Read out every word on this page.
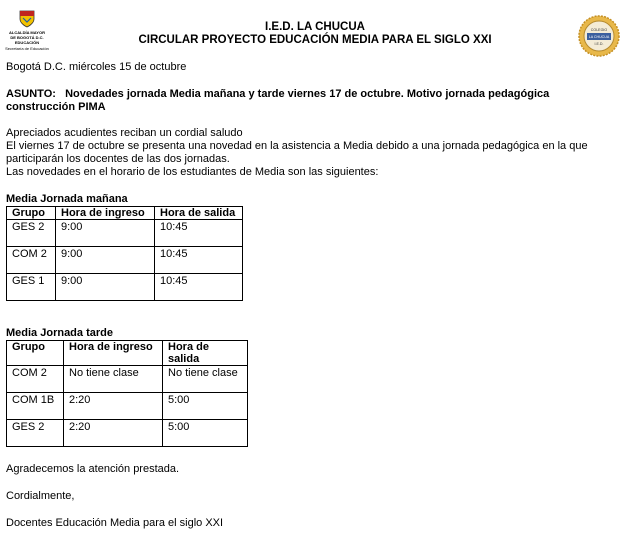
ALCALDÍA MAYOR
DE BOGOTÁ D.C.
EDUCACIÓN
Secretaría de Educación
COLEGIO
LA CHUCUA
I.E.D.
I.E.D. LA CHUCUA
CIRCULAR PROYECTO EDUCACIÓN MEDIA PARA EL SIGLO XXI
Bogotá D.C. miércoles 15 de octubre
ASUNTO: Novedades jornada Media mañana y tarde viernes 17 de octubre. Motivo jornada pedagógica
construcción PIMA
Apreciados acudientes reciban un cordial saludo
El viernes 17 de octubre se presenta una novedad en la asistencia a Media debido a una jornada pedagógica en la que
participarán los docentes de las dos jornadas.
Las novedades en el horario de los estudiantes de Media son las siguientes:
Media Jornada mañana
Grupo	Hora de ingreso	Hora de salida
GES 2	9:00	10:45
COM 2	9:00	10:45
GES 1	9:00	10:45
Media Jornada tarde
Grupo	Hora de ingreso	Hora de salida
COM 2	No tiene clase	No tiene clase
COM 1B	2:20	5:00
GES 2	2:20	5:00
Agradecemos la atención prestada.
Cordialmente,
Docentes Educación Media para el siglo XXI
